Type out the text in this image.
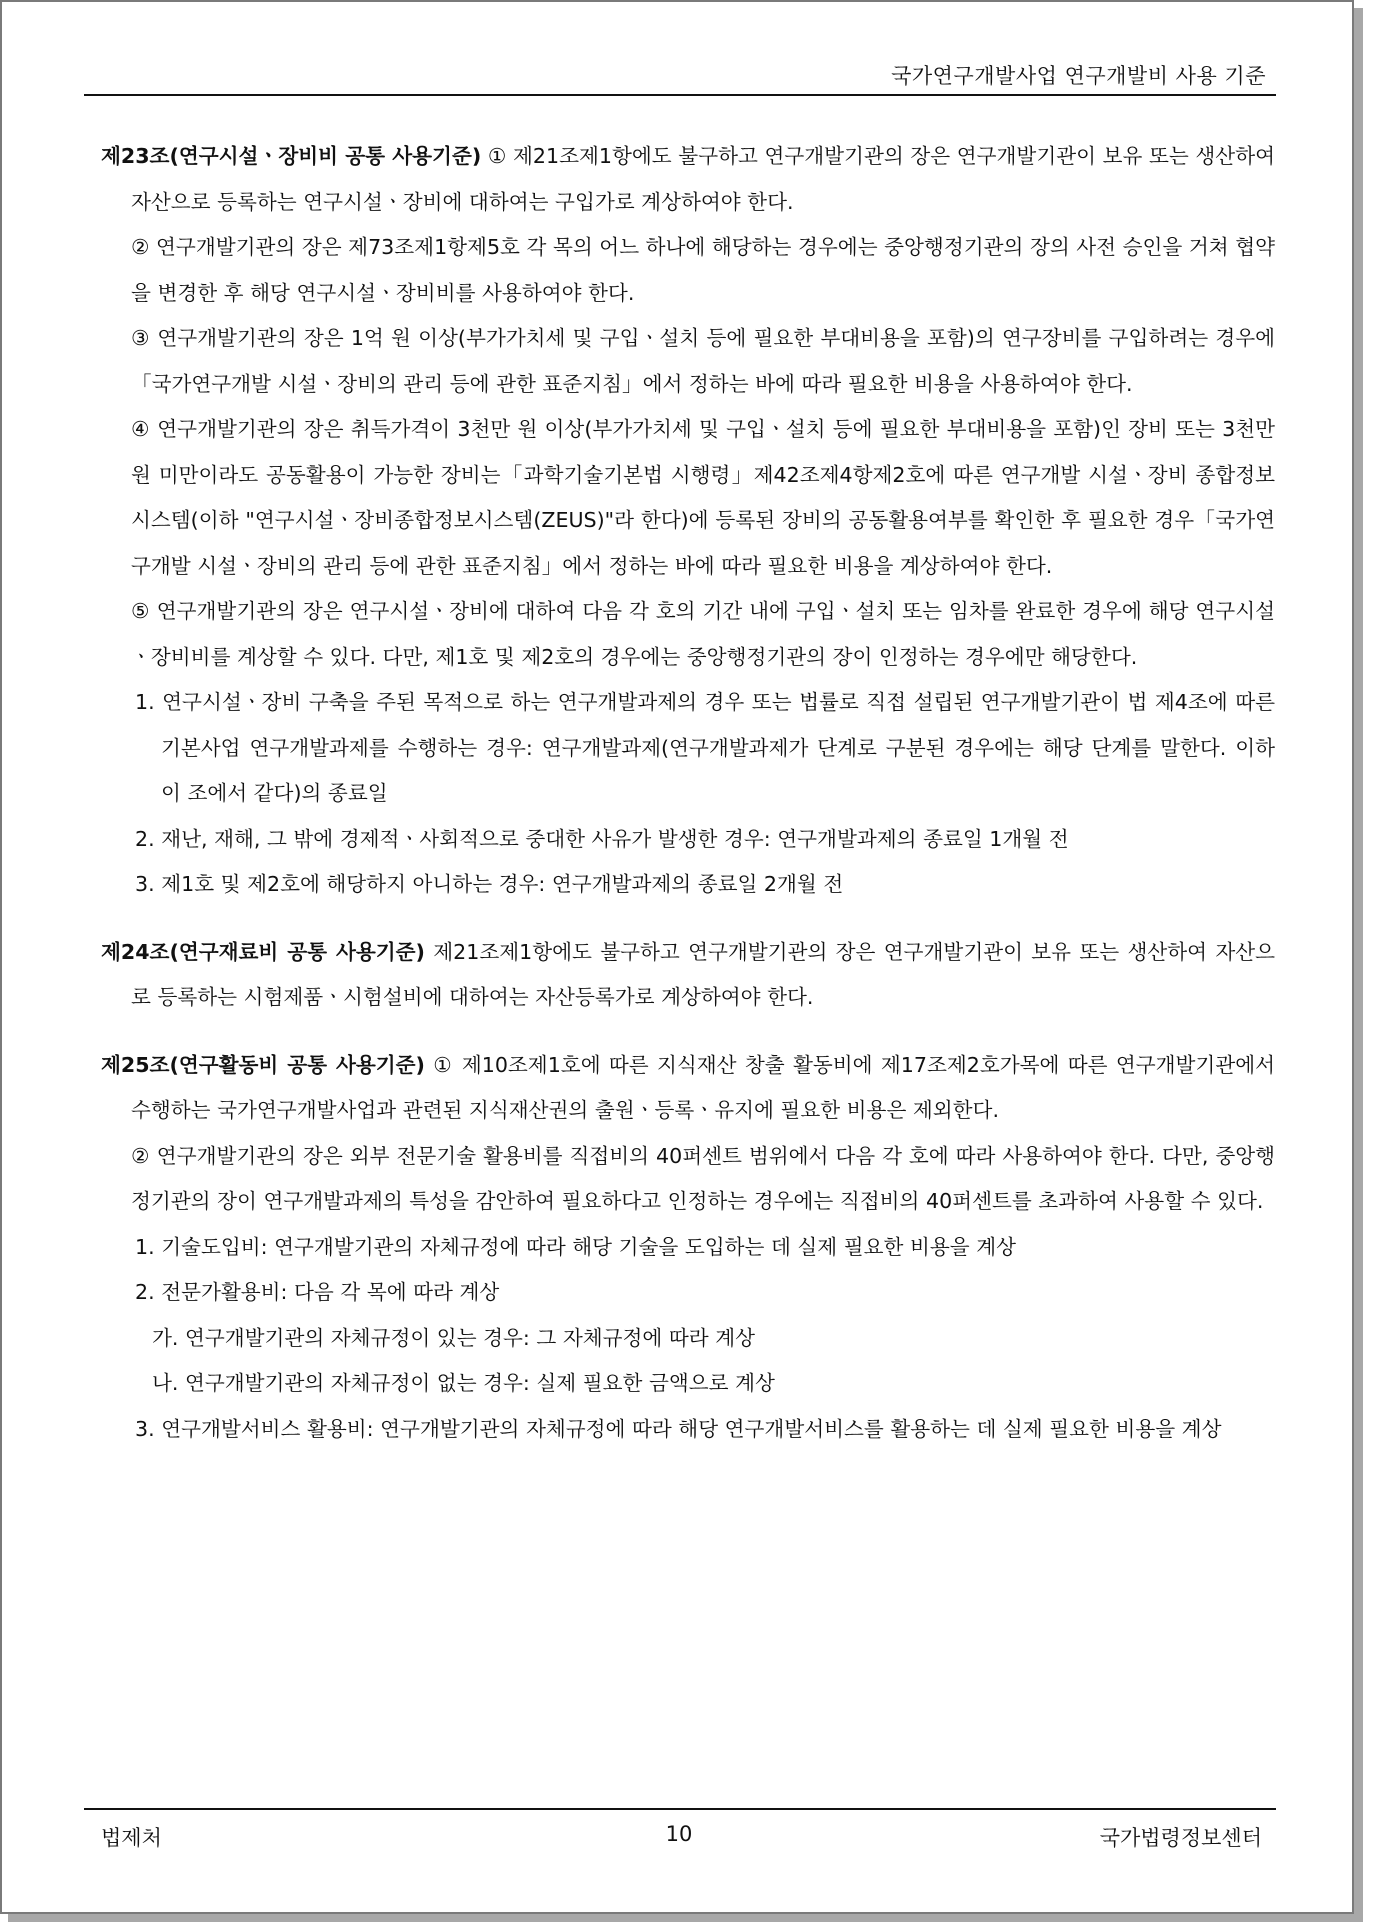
국가연구개발사업 연구개발비 사용 기준
제23조(연구시설ㆍ장비비 공통 사용기준) ① 제21조제1항에도 불구하고 연구개발기관의 장은 연구개발기관이 보유 또는 생산하여 자산으로 등록하는 연구시설ㆍ장비에 대하여는 구입가로 계상하여야 한다.
② 연구개발기관의 장은 제73조제1항제5호 각 목의 어느 하나에 해당하는 경우에는 중앙행정기관의 장의 사전 승인을 거쳐 협약을 변경한 후 해당 연구시설ㆍ장비비를 사용하여야 한다.
③ 연구개발기관의 장은 1억 원 이상(부가가치세 및 구입ㆍ설치 등에 필요한 부대비용을 포함)의 연구장비를 구입하려는 경우에「국가연구개발 시설ㆍ장비의 관리 등에 관한 표준지침」에서 정하는 바에 따라 필요한 비용을 사용하여야 한다.
④ 연구개발기관의 장은 취득가격이 3천만 원 이상(부가가치세 및 구입ㆍ설치 등에 필요한 부대비용을 포함)인 장비 또는 3천만 원 미만이라도 공동활용이 가능한 장비는「과학기술기본법 시행령」제42조제4항제2호에 따른 연구개발 시설ㆍ장비 종합정보시스템(이하 "연구시설ㆍ장비종합정보시스템(ZEUS)"라 한다)에 등록된 장비의 공동활용여부를 확인한 후 필요한 경우「국가연구개발 시설ㆍ장비의 관리 등에 관한 표준지침」에서 정하는 바에 따라 필요한 비용을 계상하여야 한다.
⑤ 연구개발기관의 장은 연구시설ㆍ장비에 대하여 다음 각 호의 기간 내에 구입ㆍ설치 또는 임차를 완료한 경우에 해당 연구시설ㆍ장비비를 계상할 수 있다. 다만, 제1호 및 제2호의 경우에는 중앙행정기관의 장이 인정하는 경우에만 해당한다.
1. 연구시설ㆍ장비 구축을 주된 목적으로 하는 연구개발과제의 경우 또는 법률로 직접 설립된 연구개발기관이 법 제4조에 따른 기본사업 연구개발과제를 수행하는 경우: 연구개발과제(연구개발과제가 단계로 구분된 경우에는 해당 단계를 말한다. 이하 이 조에서 같다)의 종료일
2. 재난, 재해, 그 밖에 경제적ㆍ사회적으로 중대한 사유가 발생한 경우: 연구개발과제의 종료일 1개월 전
3. 제1호 및 제2호에 해당하지 아니하는 경우: 연구개발과제의 종료일 2개월 전
제24조(연구재료비 공통 사용기준) 제21조제1항에도 불구하고 연구개발기관의 장은 연구개발기관이 보유 또는 생산하여 자산으로 등록하는 시험제품ㆍ시험설비에 대하여는 자산등록가로 계상하여야 한다.
제25조(연구활동비 공통 사용기준) ① 제10조제1호에 따른 지식재산 창출 활동비에 제17조제2호가목에 따른 연구개발기관에서 수행하는 국가연구개발사업과 관련된 지식재산권의 출원ㆍ등록ㆍ유지에 필요한 비용은 제외한다.
② 연구개발기관의 장은 외부 전문기술 활용비를 직접비의 40퍼센트 범위에서 다음 각 호에 따라 사용하여야 한다. 다만, 중앙행정기관의 장이 연구개발과제의 특성을 감안하여 필요하다고 인정하는 경우에는 직접비의 40퍼센트를 초과하여 사용할 수 있다.
1. 기술도입비: 연구개발기관의 자체규정에 따라 해당 기술을 도입하는 데 실제 필요한 비용을 계상
2. 전문가활용비: 다음 각 목에 따라 계상
가. 연구개발기관의 자체규정이 있는 경우: 그 자체규정에 따라 계상
나. 연구개발기관의 자체규정이 없는 경우: 실제 필요한 금액으로 계상
3. 연구개발서비스 활용비: 연구개발기관의 자체규정에 따라 해당 연구개발서비스를 활용하는 데 실제 필요한 비용을 계상
법제처	10	국가법령정보센터
